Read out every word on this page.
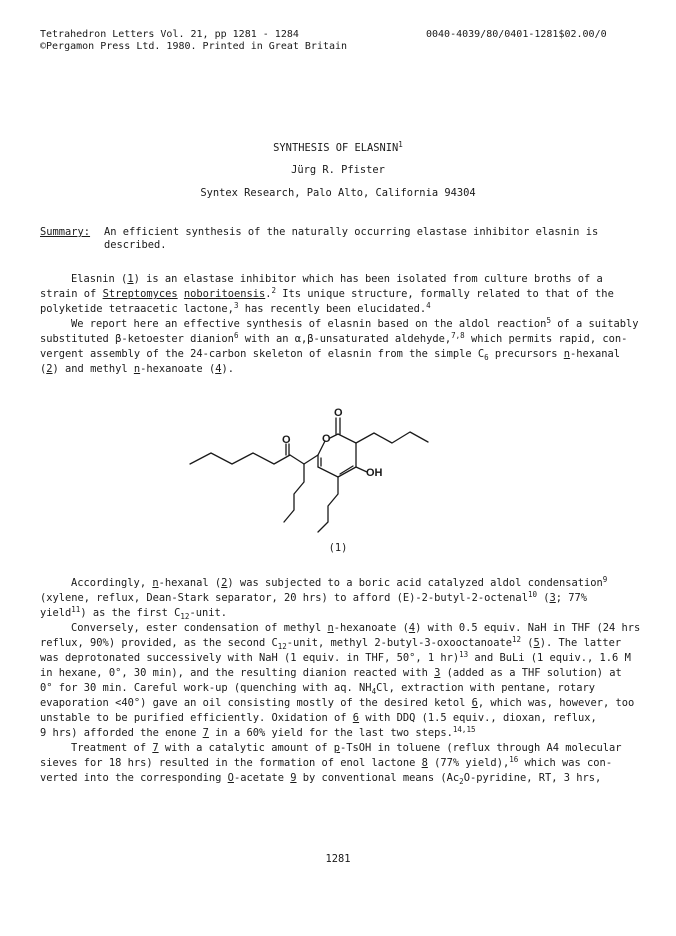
Tetrahedron Letters Vol. 21, pp 1281 - 1284
©Pergamon Press Ltd. 1980. Printed in Great Britain
0040-4039/80/0401-1281$02.00/0
SYNTHESIS OF ELASNIN$^1$
Jürg R. Pfister
Syntex Research, Palo Alto, California 94304
Summary: An efficient synthesis of the naturally occurring elastase inhibitor elasnin is
described.
Elasnin (1) is an elastase inhibitor which has been isolated from culture broths of a
strain of Streptomyces noboritoensis.$^2$ Its unique structure, formally related to that of the
polyketide tetraacetic lactone,$^3$ has recently been elucidated.$^4$
We report here an effective synthesis of elasnin based on the aldol reaction$^5$ of a suitably
substituted β-ketoester dianion$^6$ with an α,β-unsaturated aldehyde,$^{7,8}$ which permits rapid, con-
vergent assembly of the 24-carbon skeleton of elasnin from the simple $C_6$ precursors n-hexanal
(2) and methyl n-hexanoate (4).
O	O
O
OH
(1)
Accordingly, n-hexanal (2) was subjected to a boric acid catalyzed aldol condensation$^9$
(xylene, reflux, Dean-Stark separator, 20 hrs) to afford (E)-2-butyl-2-octenal$^{10}$ (3; 77%
yield$^{11}$) as the first $C_{12}$-unit.
Conversely, ester condensation of methyl n-hexanoate (4) with 0.5 equiv. NaH in THF (24 hrs
reflux, 90%) provided, as the second $C_{12}$-unit, methyl 2-butyl-3-oxooctanoate$^{12}$ (5). The latter
was deprotonated successively with NaH (1 equiv. in THF, 50°, 1 hr)$^{13}$ and BuLi (1 equiv., 1.6 M
in hexane, 0°, 30 min), and the resulting dianion reacted with 3 (added as a THF solution) at
0° for 30 min. Careful work-up (quenching with aq. $NH_4Cl$, extraction with pentane, rotary
evaporation <40°) gave an oil consisting mostly of the desired ketol 6, which was, however, too
unstable to be purified efficiently. Oxidation of 6 with DDQ (1.5 equiv., dioxan, reflux,
9 hrs) afforded the enone 7 in a 60% yield for the last two steps.$^{14,15}$
Treatment of 7 with a catalytic amount of p-TsOH in toluene (reflux through A4 molecular
sieves for 18 hrs) resulted in the formation of enol lactone 8 (77% yield),$^{16}$ which was con-
verted into the corresponding O-acetate 9 by conventional means ($Ac_2O$-pyridine, RT, 3 hrs,
1281
